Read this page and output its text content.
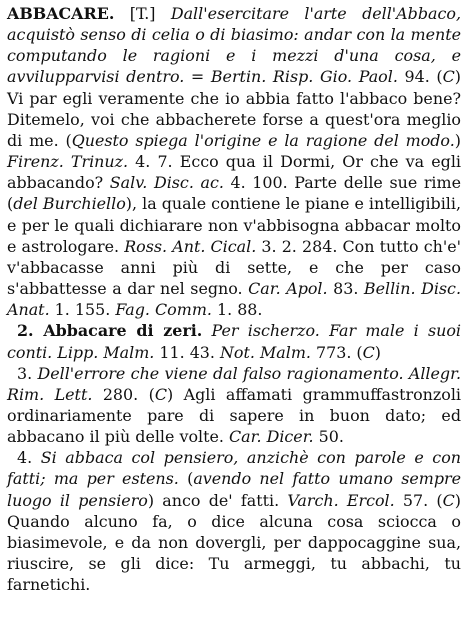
ABBACARE. [T.] Dall'esercitare l'arte dell'Abbaco, acquistò senso di celia o di biasimo: andar con la mente computando le ragioni e i mezzi d'una cosa, e avvilupparvisi dentro. = Bertin. Risp. Gio. Paol. 94. (C) Vi par egli veramente che io abbia fatto l'abbaco bene? Ditemelo, voi che abbacherete forse a quest'ora meglio di me. (Questo spiega l'origine e la ragione del modo.) Firenz. Trinuz. 4. 7. Ecco qua il Dormi, Or che va egli abbacando? Salv. Disc. ac. 4. 100. Parte delle sue rime (del Burchiello), la quale contiene le piane e intelligibili, e per le quali dichiarare non v'abbisogna abbacar molto e astrologare. Ross. Ant. Cical. 3. 2. 284. Con tutto ch'e' v'abbacasse anni più di sette, e che per caso s'abbattesse a dar nel segno. Car. Apol. 83. Bellin. Disc. Anat. 1. 155. Fag. Comm. 1. 88.

2. Abbacare di zeri. Per ischerzo. Far male i suoi conti. Lipp. Malm. 11. 43. Not. Malm. 773. (C)

3. Dell'errore che viene dal falso ragionamento. Allegr. Rim. Lett. 280. (C) Agli affamati grammuffastronzoli ordinariamente pare di sapere in buon dato; ed abbacano il più delle volte. Car. Dicer. 50.

4. Si abbaca col pensiero, anzichè con parole e con fatti; ma per estens. (avendo nel fatto umano sempre luogo il pensiero) anco de' fatti. Varch. Ercol. 57. (C) Quando alcuno fa, o dice alcuna cosa sciocca o biasimevole, e da non dovergli, per dappocaggine sua, riuscire, se gli dice: Tu armeggi, tu abbachi, tu farnetichi.
